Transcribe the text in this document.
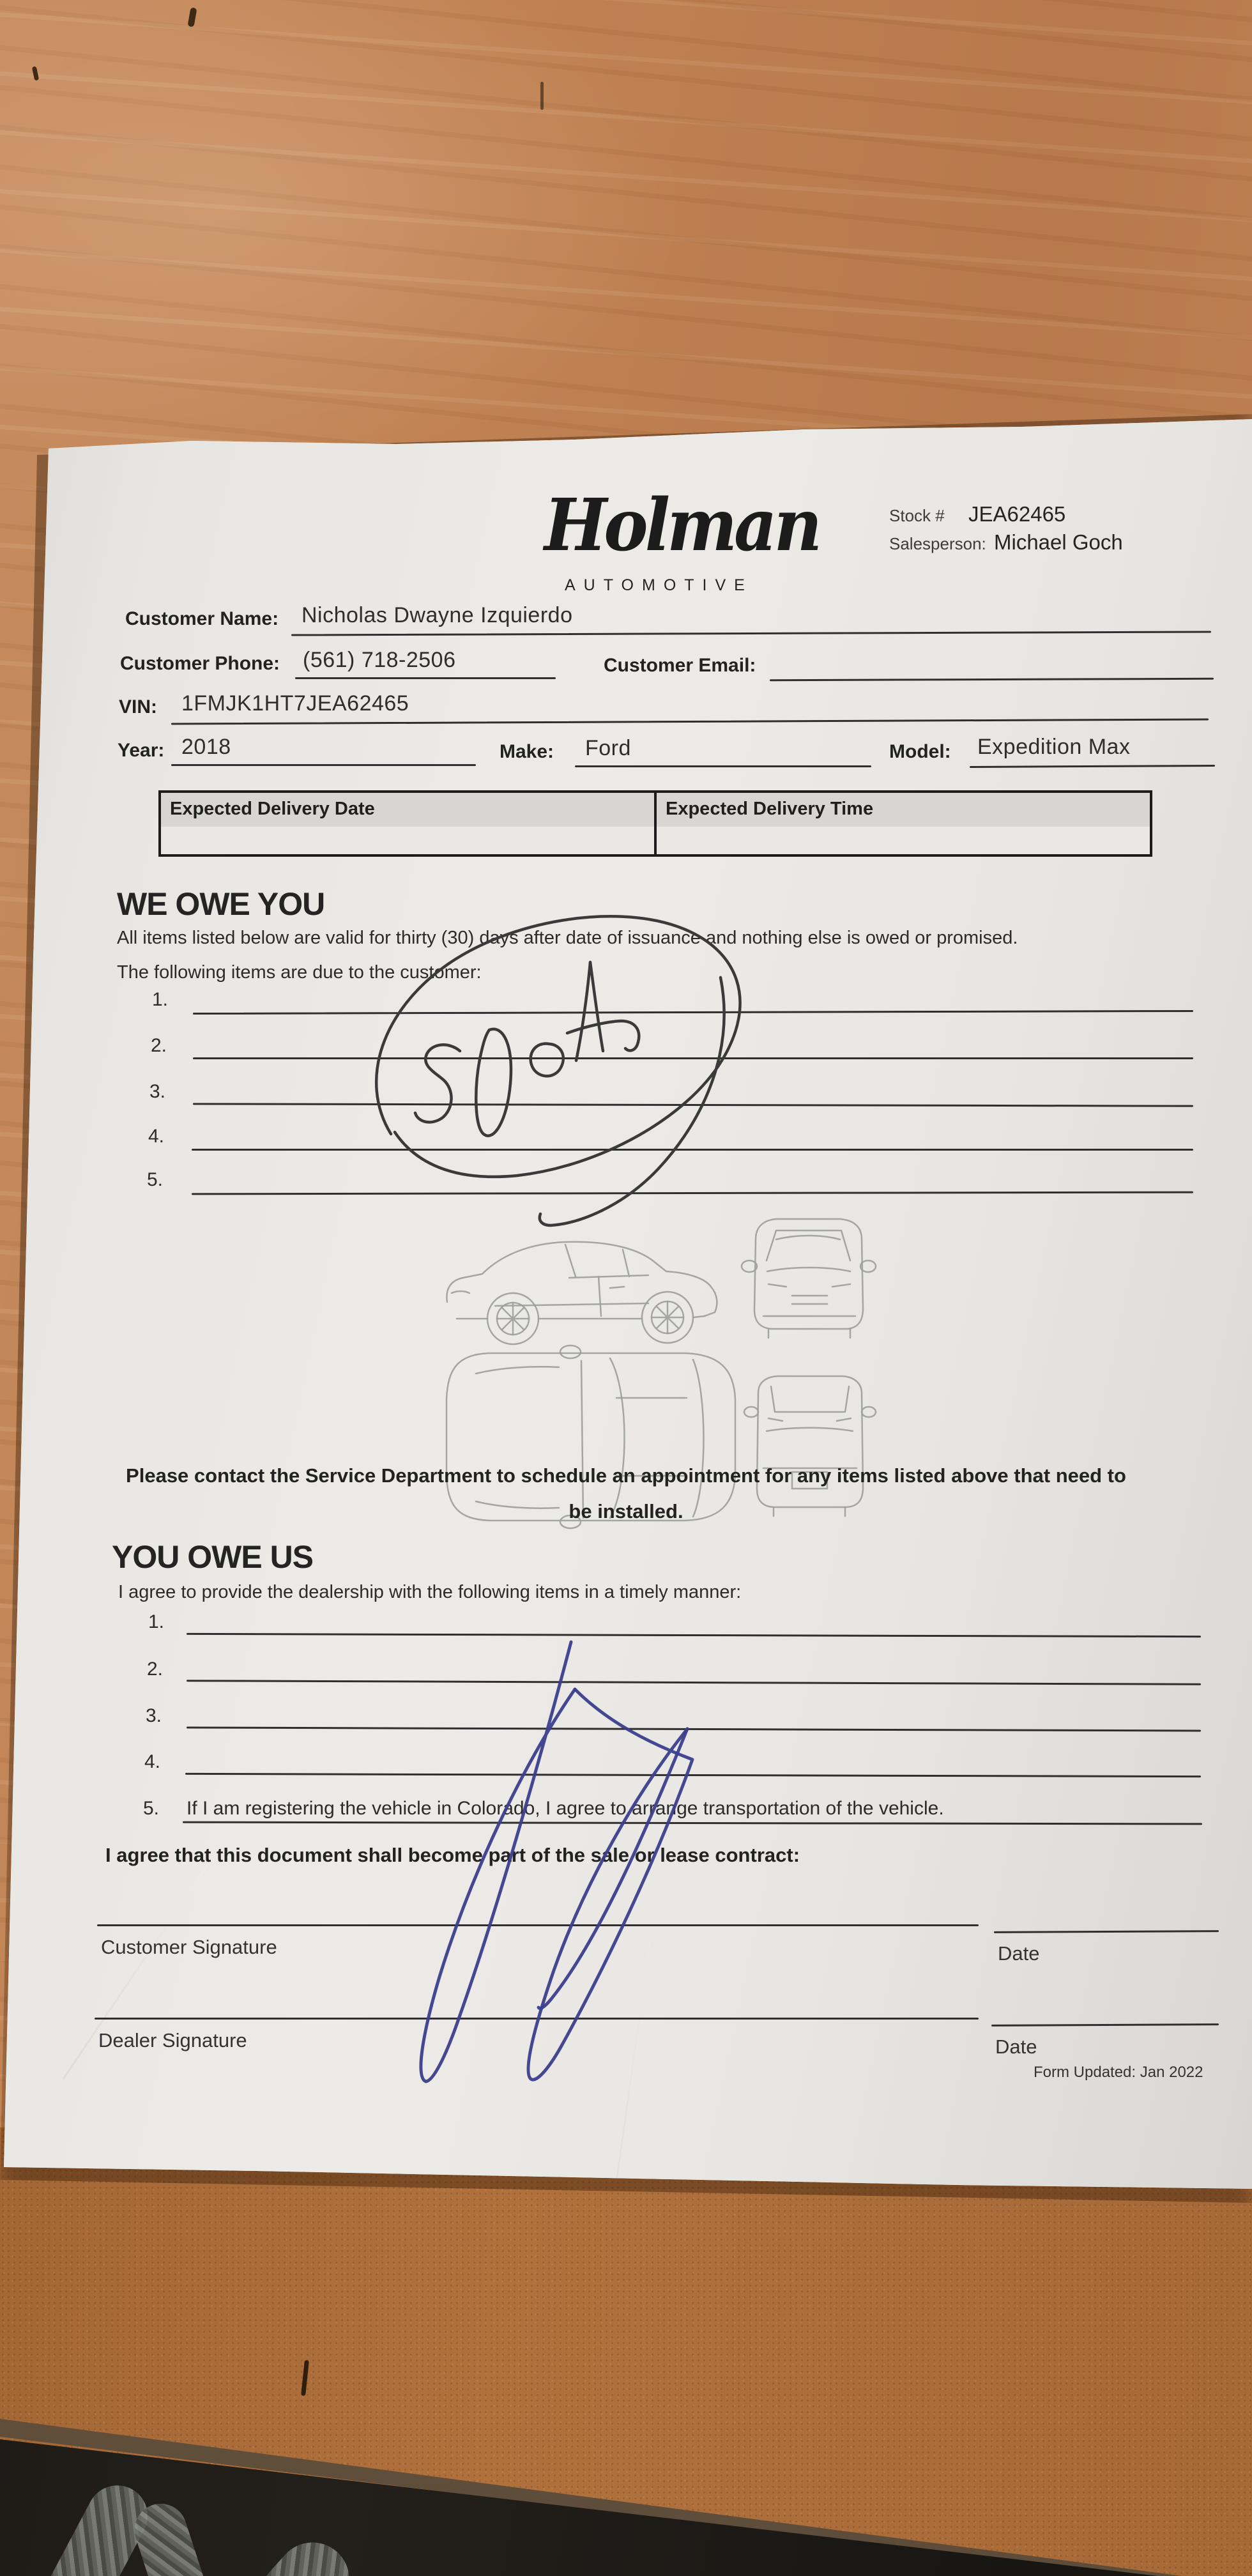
Holman
AUTOMOTIVE
Stock # JEA62465
Salesperson: Michael Goch
Customer Name: Nicholas Dwayne Izquierdo
Customer Phone: (561) 718-2506	Customer Email:
VIN: 1FMJK1HT7JEA62465
Year: 2018	Make: Ford	Model: Expedition Max
Expected Delivery Date	Expected Delivery Time
WE OWE YOU
All items listed below are valid for thirty (30) days after date of issuance and nothing else is owed or promised.
The following items are due to the customer:
1.
2.
3.
4.
5.
Please contact the Service Department to schedule an appointment for any items listed above that need to be installed.
YOU OWE US
I agree to provide the dealership with the following items in a timely manner:
1.
2.
3.
4.
5. If I am registering the vehicle in Colorado, I agree to arrange transportation of the vehicle.
I agree that this document shall become part of the sale or lease contract:
Customer Signature	Date
Dealer Signature	Date
Form Updated: Jan 2022
